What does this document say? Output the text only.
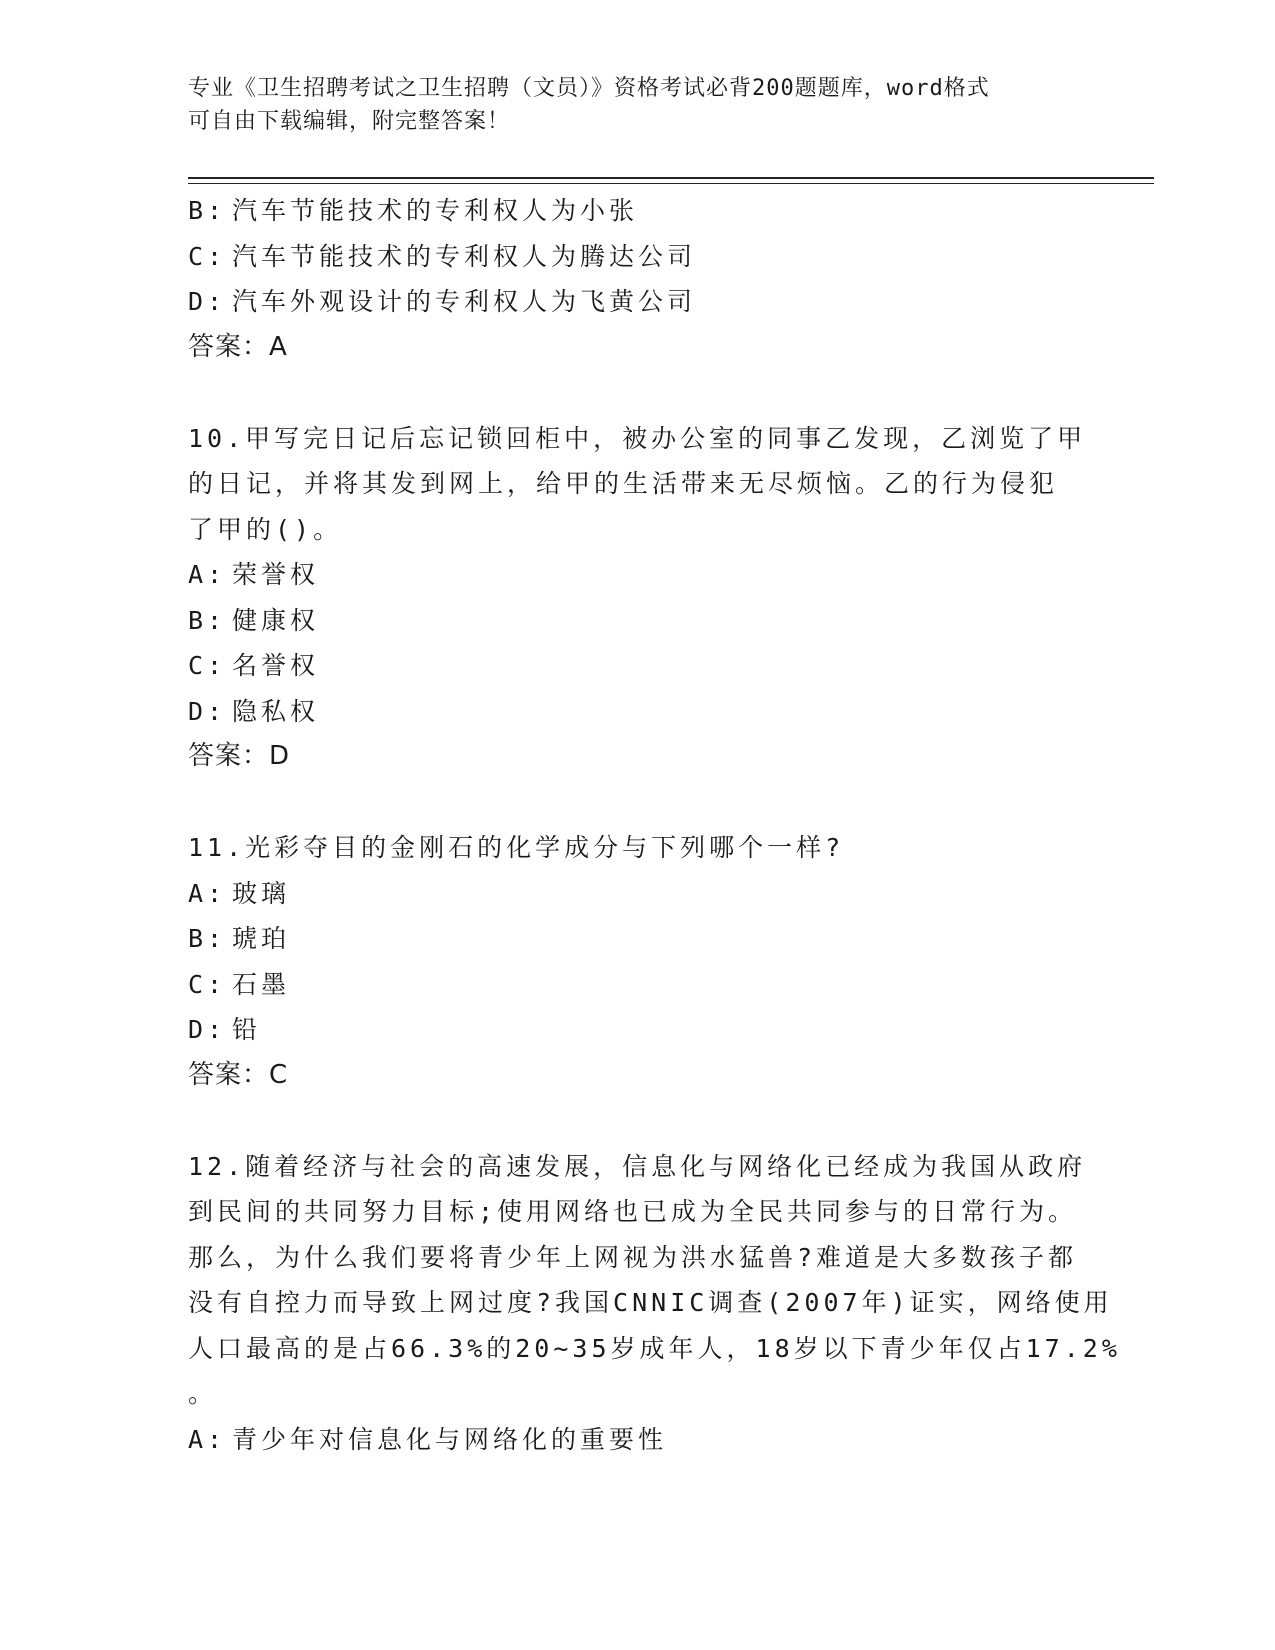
专业《卫生招聘考试之卫生招聘（文员）》资格考试必背200题题库，word格式
可自由下载编辑，附完整答案！
B: 汽车节能技术的专利权人为小张
C: 汽车节能技术的专利权人为腾达公司
D: 汽车外观设计的专利权人为飞黄公司
答案：A
10.甲写完日记后忘记锁回柜中，被办公室的同事乙发现，乙浏览了甲
的日记，并将其发到网上，给甲的生活带来无尽烦恼。乙的行为侵犯
了甲的()。
A: 荣誉权
B: 健康权
C: 名誉权
D: 隐私权
答案：D
11.光彩夺目的金刚石的化学成分与下列哪个一样?
A: 玻璃
B: 琥珀
C: 石墨
D: 铅
答案：C
12.随着经济与社会的高速发展，信息化与网络化已经成为我国从政府
到民间的共同努力目标;使用网络也已成为全民共同参与的日常行为。
那么，为什么我们要将青少年上网视为洪水猛兽?难道是大多数孩子都
没有自控力而导致上网过度?我国CNNIC调查(2007年)证实，网络使用
人口最高的是占66.3%的20~35岁成年人，18岁以下青少年仅占17.2%
。
A: 青少年对信息化与网络化的重要性
